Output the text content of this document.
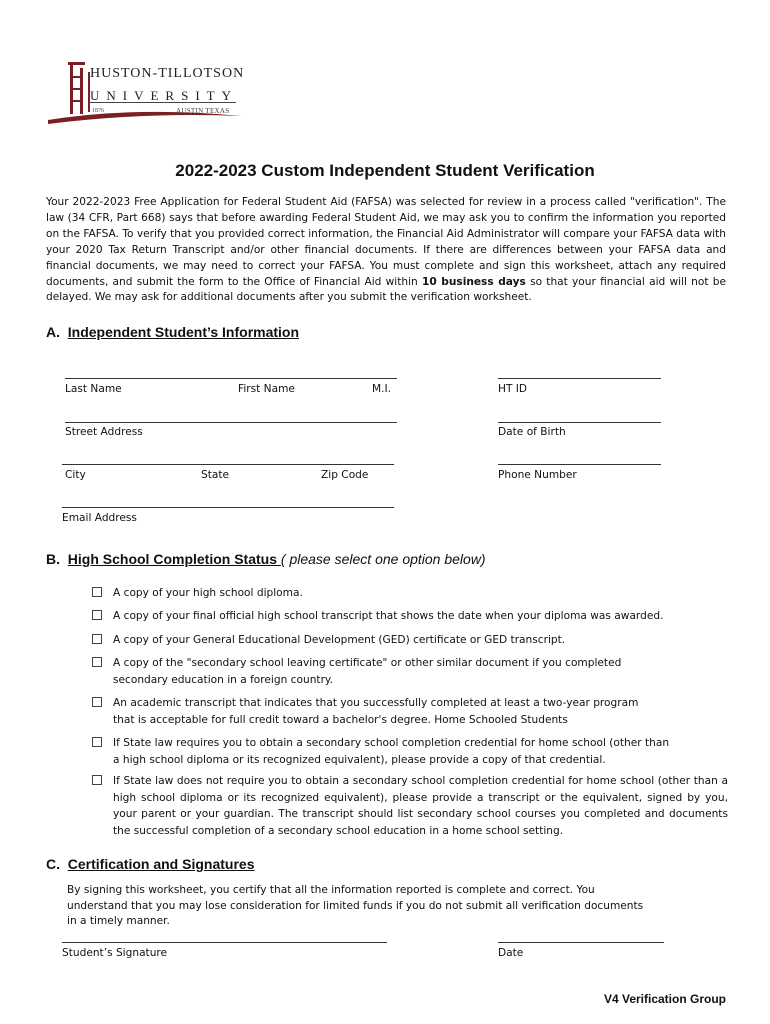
HUSTON-TILLOTSON
UNIVERSITY
1876	AUSTIN TEXAS
2022-2023 Custom Independent Student Verification
Your 2022-2023 Free Application for Federal Student Aid (FAFSA) was selected for review in a process called "verification". The law (34 CFR, Part 668) says that before awarding Federal Student Aid, we may ask you to confirm the information you reported on the FAFSA. To verify that you provided correct information, the Financial Aid Administrator will compare your FAFSA data with your 2020 Tax Return Transcript and/or other financial documents. If there are differences between your FAFSA data and financial documents, we may need to correct your FAFSA. You must complete and sign this worksheet, attach any required documents, and submit the form to the Office of Financial Aid within 10 business days so that your financial aid will not be delayed. We may ask for additional documents after you submit the verification worksheet.
A. Independent Student’s Information
Last Name	First Name	M.I.	HT ID
Street Address	Date of Birth
City	State	Zip Code	Phone Number
Email Address
B. High School Completion Status ( please select one option below)
A copy of your high school diploma.
A copy of your final official high school transcript that shows the date when your diploma was awarded.
A copy of your General Educational Development (GED) certificate or GED transcript.
A copy of the "secondary school leaving certificate" or other similar document if you completed secondary education in a foreign country.
An academic transcript that indicates that you successfully completed at least a two-year program that is acceptable for full credit toward a bachelor's degree. Home Schooled Students
If State law requires you to obtain a secondary school completion credential for home school (other than a high school diploma or its recognized equivalent), please provide a copy of that credential.
If State law does not require you to obtain a secondary school completion credential for home school (other than a high school diploma or its recognized equivalent), please provide a transcript or the equivalent, signed by you, your parent or your guardian. The transcript should list secondary school courses you completed and documents the successful completion of a secondary school education in a home school setting.
C. Certification and Signatures
By signing this worksheet, you certify that all the information reported is complete and correct. You understand that you may lose consideration for limited funds if you do not submit all verification documents in a timely manner.
Student’s Signature	Date
V4 Verification Group
